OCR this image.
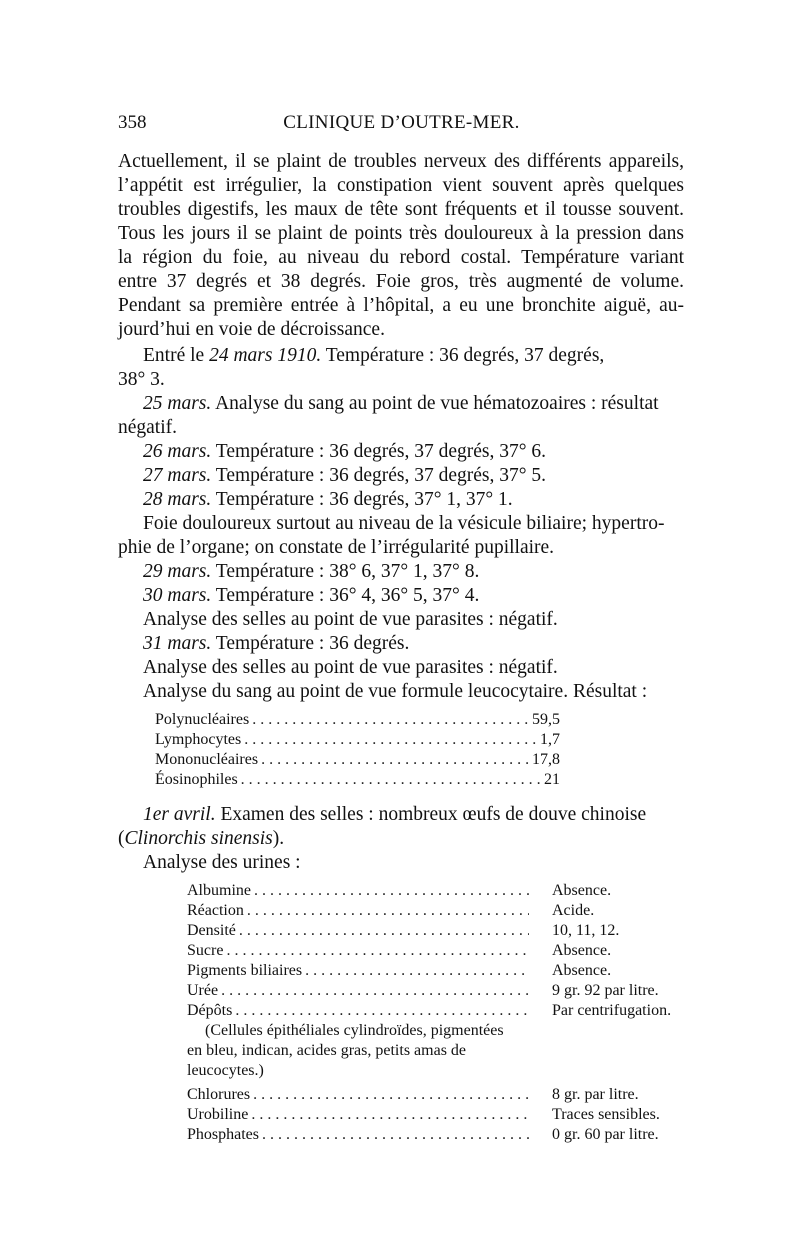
358	CLINIQUE D’OUTRE-MER.
Actuellement, il se plaint de troubles nerveux des différents appareils,
l’appétit est irrégulier, la constipation vient souvent après quelques
troubles digestifs, les maux de tête sont fréquents et il tousse souvent.
Tous les jours il se plaint de points très douloureux à la pression dans
la région du foie, au niveau du rebord costal. Température variant
entre 37 degrés et 38 degrés. Foie gros, très augmenté de volume.
Pendant sa première entrée à l’hôpital, a eu une bronchite aiguë, au-
jourd’hui en voie de décroissance.
Entré le 24 mars 1910. Température : 36 degrés, 37 degrés,
38° 3.
25 mars. Analyse du sang au point de vue hématozoaires : résultat
négatif.
26 mars. Température : 36 degrés, 37 degrés, 37° 6.
27 mars. Température : 36 degrés, 37 degrés, 37° 5.
28 mars. Température : 36 degrés, 37° 1, 37° 1.
Foie douloureux surtout au niveau de la vésicule biliaire; hypertro-
phie de l’organe; on constate de l’irrégularité pupillaire.
29 mars. Température : 38° 6, 37° 1, 37° 8.
30 mars. Température : 36° 4, 36° 5, 37° 4.
Analyse des selles au point de vue parasites : négatif.
31 mars. Température : 36 degrés.
Analyse des selles au point de vue parasites : négatif.
Analyse du sang au point de vue formule leucocytaire. Résultat :
Polynucléaires . . .	59,5
Lymphocytes . . .	1,7
Mononucléaires . . .	17,8
Éosinophiles . . .	21
1er avril. Examen des selles : nombreux œufs de douve chinoise
(Clinorchis sinensis).
Analyse des urines :
Albumine . . .	Absence.
Réaction . . .	Acide.
Densité . . .	10, 11, 12.
Sucre . . .	Absence.
Pigments biliaires . . .	Absence.
Urée . . .	9 gr. 92 par litre.
Dépôts . . .	Par centrifugation.
(Cellules épithéliales cylindroïdes, pigmentées
en bleu, indican, acides gras, petits amas de
leucocytes.)
Chlorures . . .	8 gr. par litre.
Urobiline . . .	Traces sensibles.
Phosphates . . .	0 gr. 60 par litre.
